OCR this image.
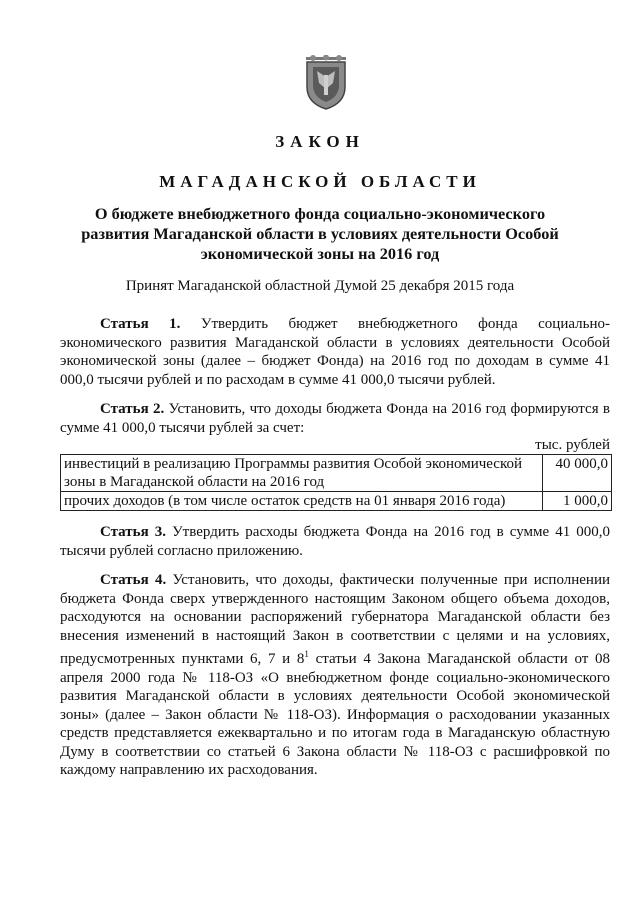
ЗАКОН
МАГАДАНСКОЙ ОБЛАСТИ
О бюджете внебюджетного фонда социально-экономического развития Магаданской области в условиях деятельности Особой экономической зоны на 2016 год
Принят Магаданской областной Думой 25 декабря 2015 года

Статья 1. Утвердить бюджет внебюджетного фонда социально-экономического развития Магаданской области в условиях деятельности Особой экономической зоны (далее – бюджет Фонда) на 2016 год по доходам в сумме 41 000,0 тысячи рублей и по расходам в сумме 41 000,0 тысячи рублей.

Статья 2. Установить, что доходы бюджета Фонда на 2016 год формируются в сумме 41 000,0 тысячи рублей за счет:

тыс. рублей
инвестиций в реализацию Программы развития Особой экономической зоны в Магаданской области на 2016 год	40 000,0
прочих доходов (в том числе остаток средств на 01 января 2016 года)	1 000,0

Статья 3. Утвердить расходы бюджета Фонда на 2016 год в сумме 41 000,0 тысячи рублей согласно приложению.

Статья 4. Установить, что доходы, фактически полученные при исполнении бюджета Фонда сверх утвержденного настоящим Законом общего объема доходов, расходуются на основании распоряжений губернатора Магаданской области без внесения изменений в настоящий Закон в соответствии с целями и на условиях, предусмотренных пунктами 6, 7 и $8^1$ статьи 4 Закона Магаданской области от 08 апреля 2000 года № 118-ОЗ «О внебюджетном фонде социально-экономического развития Магаданской области в условиях деятельности Особой экономической зоны» (далее – Закон области № 118-ОЗ). Информация о расходовании указанных средств представляется ежеквартально и по итогам года в Магаданскую областную Думу в соответствии со статьей 6 Закона области № 118-ОЗ с расшифровкой по каждому направлению их расходования.
